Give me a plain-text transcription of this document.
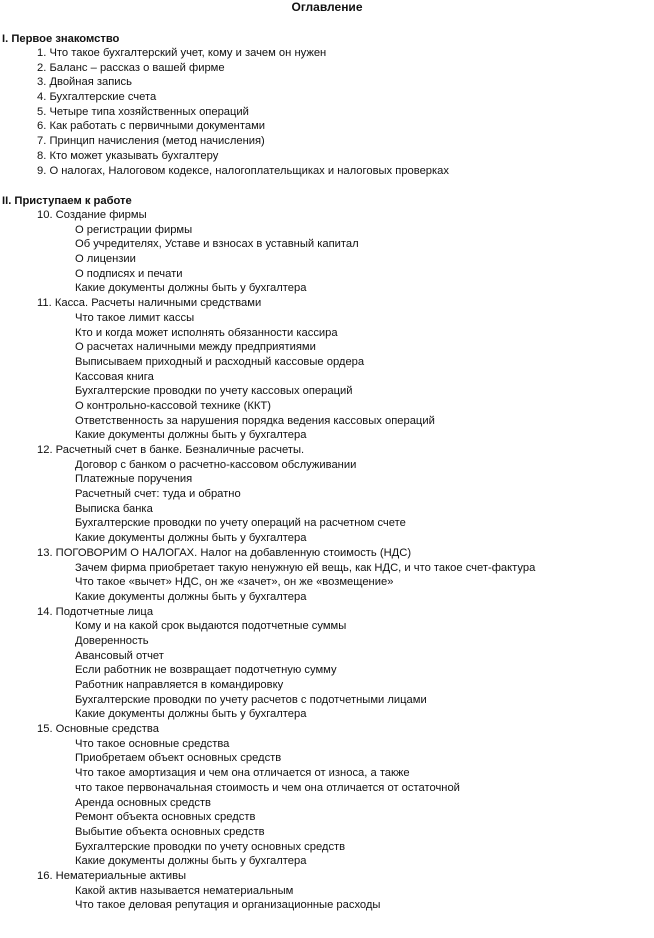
Оглавление
I. Первое знакомство
1. Что такое бухгалтерский учет, кому и зачем он нужен
2. Баланс – рассказ о вашей фирме
3. Двойная запись
4. Бухгалтерские счета
5. Четыре типа хозяйственных операций
6. Как работать с первичными документами
7. Принцип начисления (метод начисления)
8. Кто может указывать бухгалтеру
9. О налогах, Налоговом кодексе, налогоплательщиках и налоговых проверках
II. Приступаем к работе
10. Создание фирмы
О регистрации фирмы
Об учредителях, Уставе и взносах в уставный капитал
О лицензии
О подписях и печати
Какие документы должны быть у бухгалтера
11. Касса. Расчеты наличными средствами
Что такое лимит кассы
Кто и когда может исполнять обязанности кассира
О расчетах наличными между предприятиями
Выписываем приходный и расходный кассовые ордера
Кассовая книга
Бухгалтерские проводки по учету кассовых операций
О контрольно-кассовой технике (ККТ)
Ответственность за нарушения порядка ведения кассовых операций
Какие документы должны быть у бухгалтера
12. Расчетный счет в банке. Безналичные расчеты.
Договор с банком о расчетно-кассовом обслуживании
Платежные поручения
Расчетный счет: туда и обратно
Выписка банка
Бухгалтерские проводки по учету операций на расчетном счете
Какие документы должны быть у бухгалтера
13. ПОГОВОРИМ О НАЛОГАХ. Налог на добавленную стоимость (НДС)
Зачем фирма приобретает такую ненужную ей вещь, как НДС, и что такое счет-фактура
Что такое «вычет» НДС, он же «зачет», он же «возмещение»
Какие документы должны быть у бухгалтера
14. Подотчетные лица
Кому и на какой срок выдаются подотчетные суммы
Доверенность
Авансовый отчет
Если работник не возвращает подотчетную сумму
Работник направляется в командировку
Бухгалтерские проводки по учету расчетов с подотчетными лицами
Какие документы должны быть у бухгалтера
15. Основные средства
Что такое основные средства
Приобретаем объект основных средств
Что такое амортизация и чем она отличается от износа, а также
что такое первоначальная стоимость и чем она отличается от остаточной
Аренда основных средств
Ремонт объекта основных средств
Выбытие объекта основных средств
Бухгалтерские проводки по учету основных средств
Какие документы должны быть у бухгалтера
16. Нематериальные активы
Какой актив называется нематериальным
Что такое деловая репутация и организационные расходы
